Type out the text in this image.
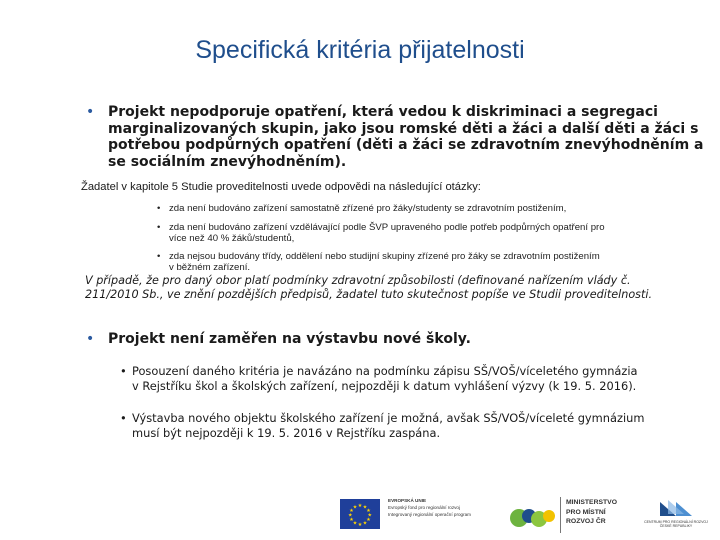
Specifická kritéria přijatelnosti
• Projekt nepodporuje opatření, která vedou k diskriminaci a segregaci
marginalizovaných skupin, jako jsou romské děti a žáci a další děti a žáci s
potřebou podpůrných opatření (děti a žáci se zdravotním znevýhodněním a
se sociálním znevýhodněním).
Žadatel v kapitole 5 Studie proveditelnosti uvede odpovědi na následující otázky:
• zda není budováno zařízení samostatně zřízené pro žáky/studenty se zdravotním postižením,
• zda není budováno zařízení vzdělávající podle ŠVP upraveného podle potřeb podpůrných opatření pro
více než 40 % žáků/studentů,
• zda nejsou budovány třídy, oddělení nebo studijní skupiny zřízené pro žáky se zdravotním postižením
v běžném zařízení.
V případě, že pro daný obor platí podmínky zdravotní způsobilosti (definované nařízením vlády č.
211/2010 Sb., ve znění pozdějších předpisů, žadatel tuto skutečnost popíše ve Studii proveditelnosti.
• Projekt není zaměřen na výstavbu nové školy.
• Posouzení daného kritéria je navázáno na podmínku zápisu SŠ/VOŠ/víceletého gymnázia
v Rejstříku škol a školských zařízení, nejpozději k datum vyhlášení výzvy (k 19. 5. 2016).
• Výstavba nového objektu školského zařízení je možná, avšak SŠ/VOŠ/víceleté gymnázium
musí být nejpozději k 19. 5. 2016 v Rejstříku zaspána.
★ ★
★
★
★
★
★
★
★
★
★
★
EVROPSKÁ UNIE
Evropský fond pro regionální rozvoj
Integrovaný regionální operační program
MINISTERSTVO
PRO MÍSTNÍ
ROZVOJ ČR	CENTRUM PRO REGIONÁLNÍ ROZVOJ ČESKÉ REPUBLIKY
